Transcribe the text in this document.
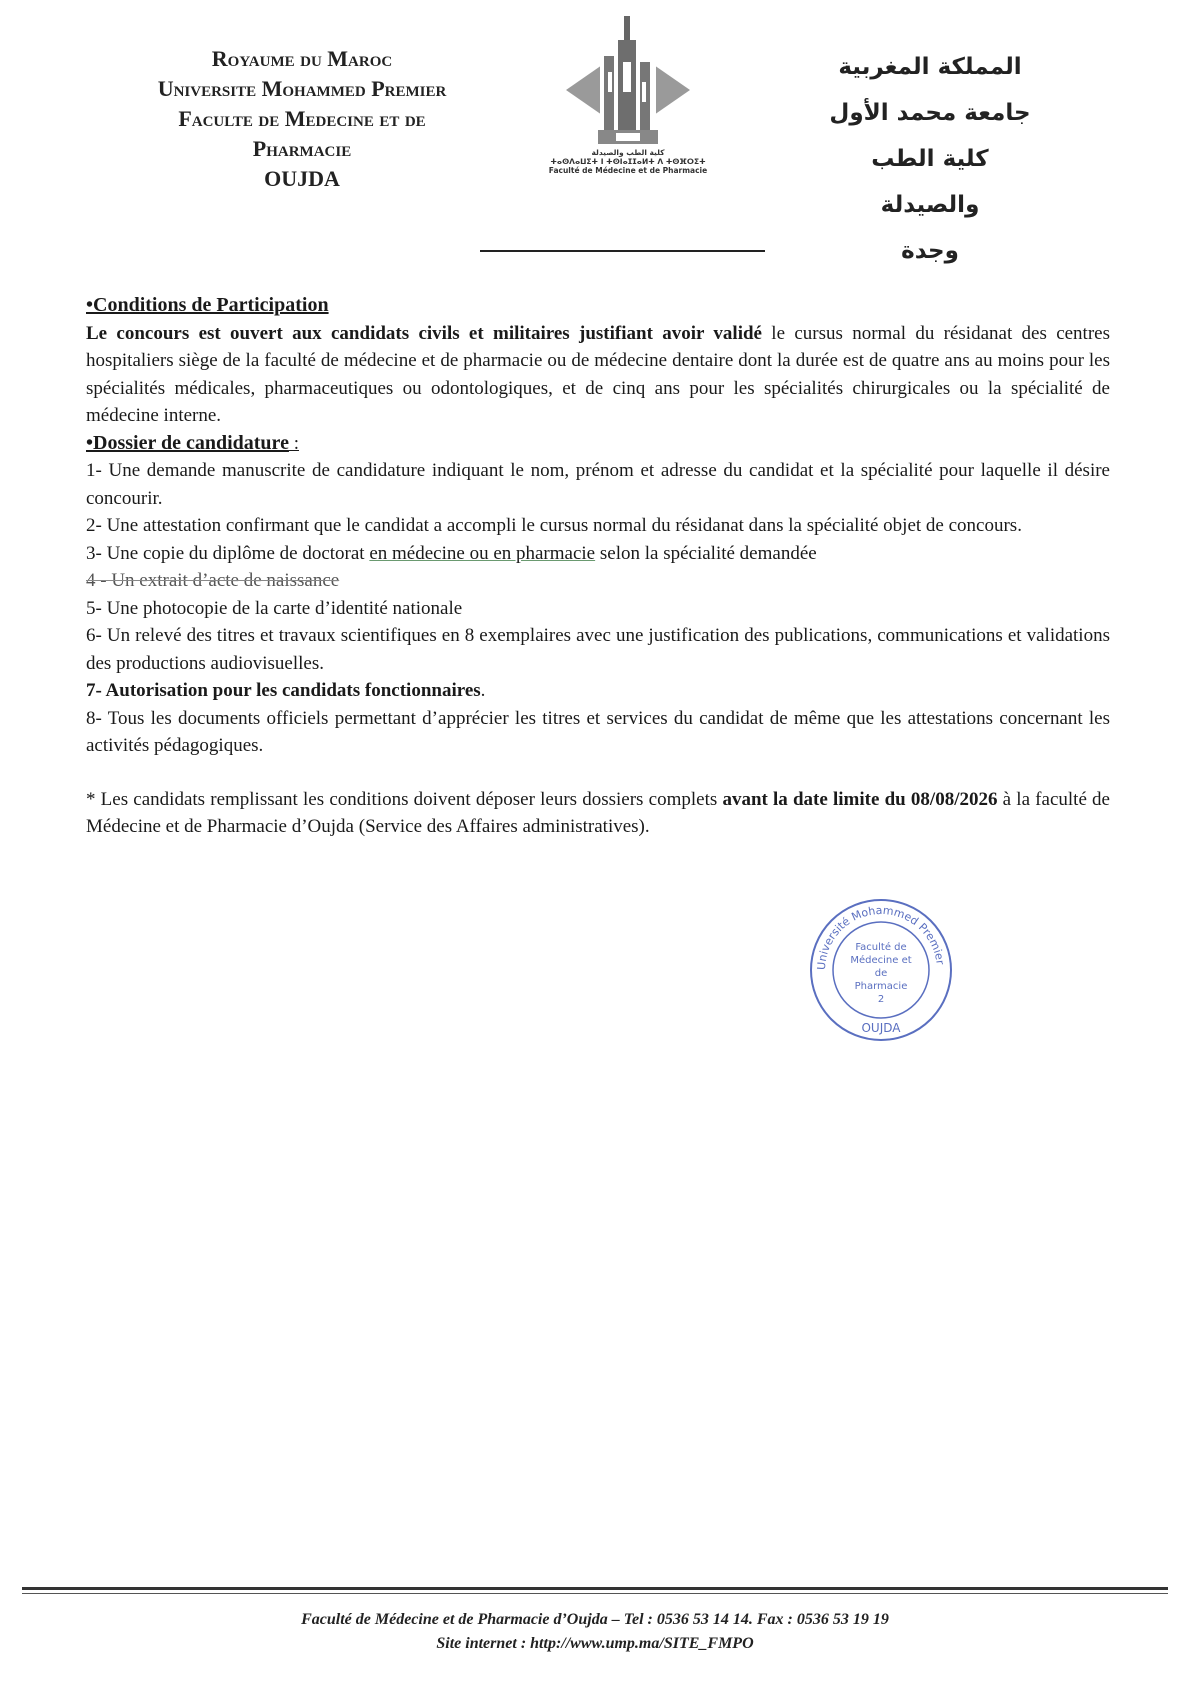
Royaume du Maroc
Universite Mohammed Premier
Faculte de Medecine et de
Pharmacie
OUJDA
كلية الطب والصيدلة
ⵜⴰⵙⴷⴰⵡⵉⵜ ⵏ ⵜⵙⵏⴰⵊⵊⴰⵍⵜ ⴷ ⵜⵙⴼⵔⵉⵜ
Faculté de Médecine et de Pharmacie
المملكة المغربية
جامعة محمد الأول
كلية الطب والصيدلة
وجدة

•Conditions de Participation

Le concours est ouvert aux candidats civils et militaires justifiant avoir validé le cursus normal du résidanat des centres hospitaliers siège de la faculté de médecine et de pharmacie ou de médecine dentaire dont la durée est de quatre ans au moins pour les spécialités médicales, pharmaceutiques ou odontologiques, et de cinq ans pour les spécialités chirurgicales ou la spécialité de médecine interne.

•Dossier de candidature :

1- Une demande manuscrite de candidature indiquant le nom, prénom et adresse du candidat et la spécialité pour laquelle il désire concourir.

2- Une attestation confirmant que le candidat a accompli le cursus normal du résidanat dans la spécialité objet de concours.

3- Une copie du diplôme de doctorat en médecine ou en pharmacie selon la spécialité demandée

4 - Un extrait d’acte de naissance

5- Une photocopie de la carte d’identité nationale

6- Un relevé des titres et travaux scientifiques en 8 exemplaires avec une justification des publications, communications et validations des productions audiovisuelles.

7- Autorisation pour les candidats fonctionnaires.

8- Tous les documents officiels permettant d’apprécier les titres et services du candidat de même que les attestations concernant les activités pédagogiques.

* Les candidats remplissant les conditions doivent déposer leurs dossiers complets avant la date limite du 08/08/2026 à la faculté de Médecine et de Pharmacie d’Oujda (Service des Affaires administratives).

Université Mohammed Premier
Faculté de
Médecine et
de
Pharmacie
2
OUJDA
Faculté de Médecine et de Pharmacie d’Oujda – Tel : 0536 53 14 14. Fax : 0536 53 19 19
Site internet : http://www.ump.ma/SITE_FMPO
